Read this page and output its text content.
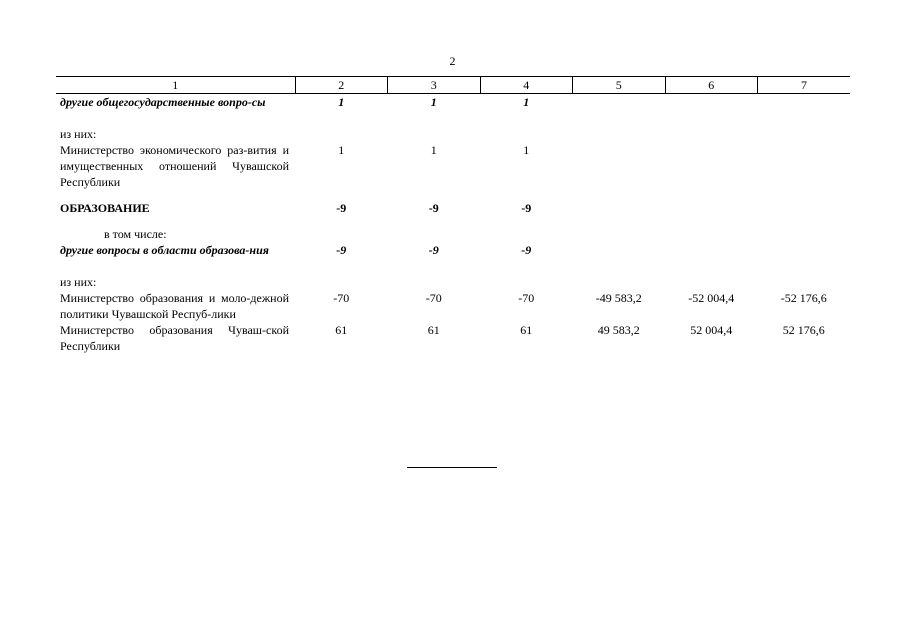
2
1	2	3	4	5	6	7
другие общегосударственные вопро-сы	1	1	1			

из них:						
Министерство экономического раз-вития и имущественных отношений Чувашской Республики	1	1	1			

ОБРАЗОВАНИЕ	-9	-9	-9			

в том числе:						
другие вопросы в области образова-ния	-9	-9	-9			

из них:						
Министерство образования и моло-дежной политики Чувашской Респуб-лики	-70	-70	-70	-49 583,2	-52 004,4	-52 176,6
Министерство образования Чуваш-ской Республики	61	61	61	49 583,2	52 004,4	52 176,6
